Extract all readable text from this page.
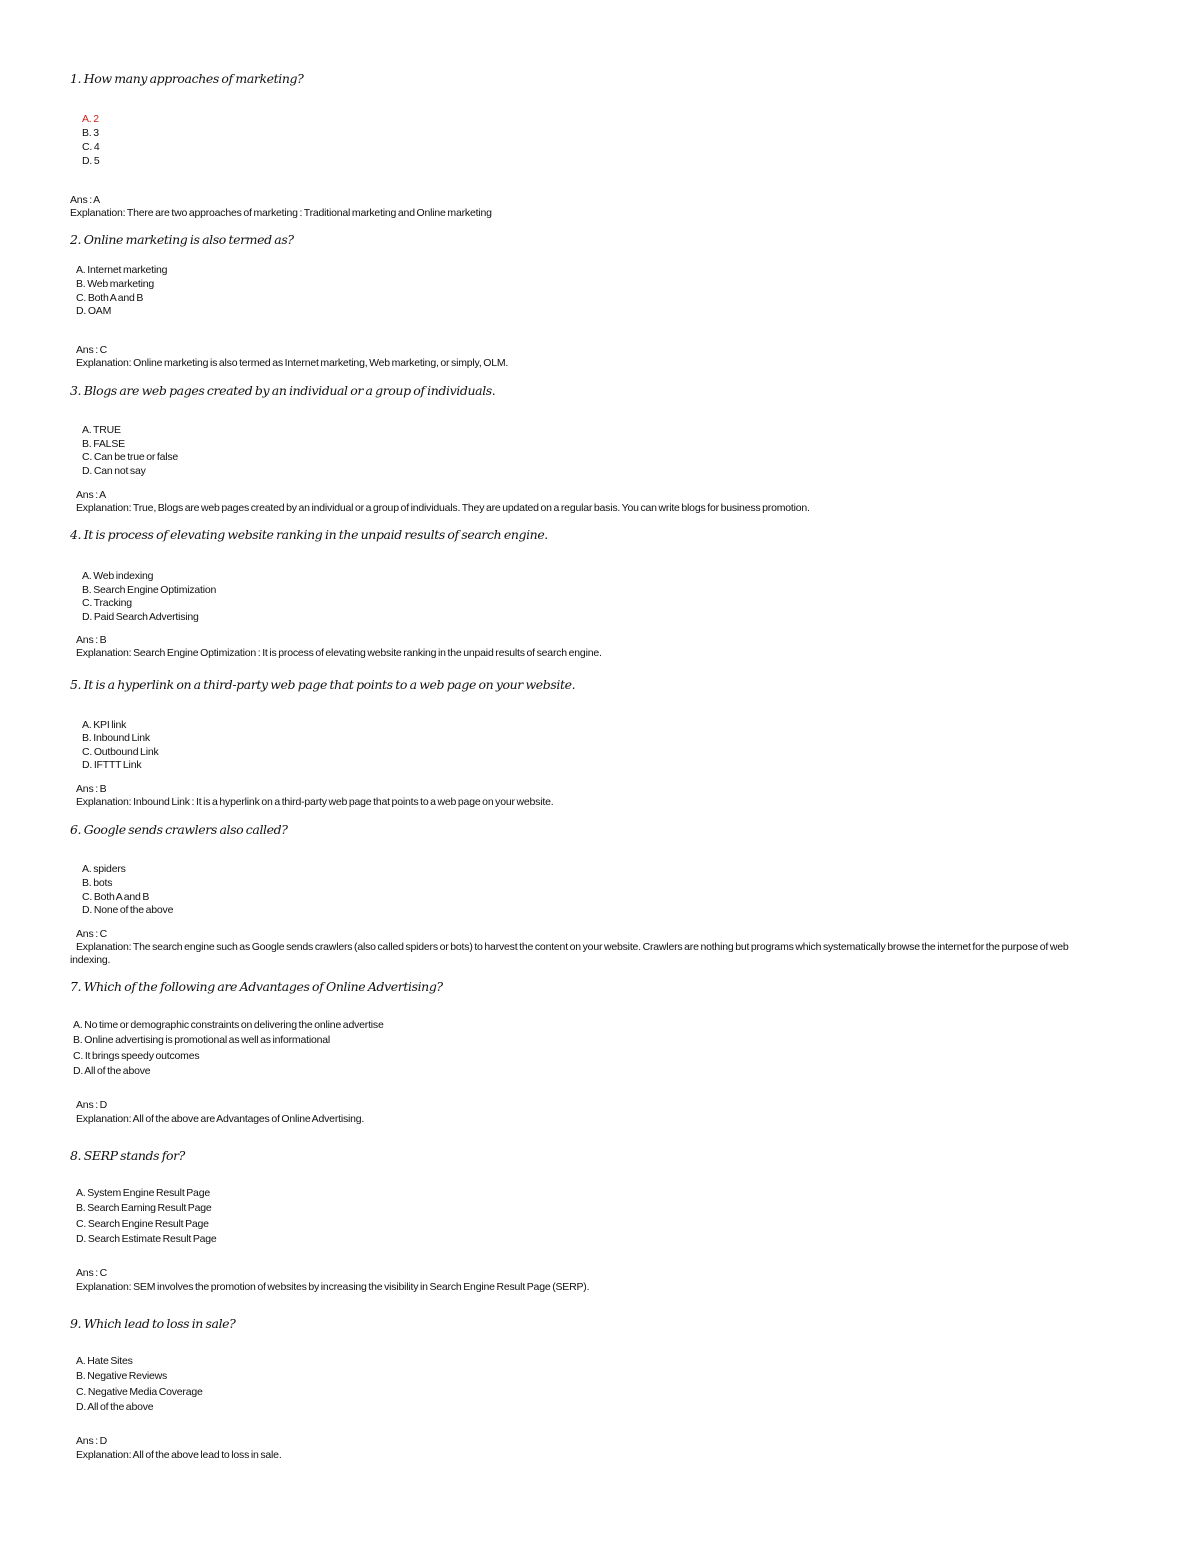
1. How many approaches of marketing?
A. 2
B. 3
C. 4
D. 5
Ans : A
Explanation: There are two approaches of marketing : Traditional marketing and Online marketing
2. Online marketing is also termed as?
A. Internet marketing
B. Web marketing
C. Both A and B
D. OAM
Ans : C
Explanation: Online marketing is also termed as Internet marketing, Web marketing, or simply, OLM.
3. Blogs are web pages created by an individual or a group of individuals.
A. TRUE
B. FALSE
C. Can be true or false
D. Can not say
Ans : A
Explanation: True, Blogs are web pages created by an individual or a group of individuals. They are updated on a regular basis. You can write blogs for business promotion.
4. It is process of elevating website ranking in the unpaid results of search engine.
A. Web indexing
B. Search Engine Optimization
C. Tracking
D. Paid Search Advertising
Ans : B
Explanation: Search Engine Optimization : It is process of elevating website ranking in the unpaid results of search engine.
5. It is a hyperlink on a third-party web page that points to a web page on your website.
A. KPI link
B. Inbound Link
C. Outbound Link
D. IFTTT Link
Ans : B
Explanation: Inbound Link : It is a hyperlink on a third-party web page that points to a web page on your website.
6. Google sends crawlers also called?
A. spiders
B. bots
C. Both A and B
D. None of the above
Ans : C
Explanation: The search engine such as Google sends crawlers (also called spiders or bots) to harvest the content on your website. Crawlers are nothing but programs which systematically browse the internet for the purpose of web indexing.
7. Which of the following are Advantages of Online Advertising?
A. No time or demographic constraints on delivering the online advertise
B. Online advertising is promotional as well as informational
C. It brings speedy outcomes
D. All of the above
Ans : D
Explanation: All of the above are Advantages of Online Advertising.
8. SERP stands for?
A. System Engine Result Page
B. Search Earning Result Page
C. Search Engine Result Page
D. Search Estimate Result Page
Ans : C
Explanation: SEM involves the promotion of websites by increasing the visibility in Search Engine Result Page (SERP).
9. Which lead to loss in sale?
A. Hate Sites
B. Negative Reviews
C. Negative Media Coverage
D. All of the above
Ans : D
Explanation: All of the above lead to loss in sale.
